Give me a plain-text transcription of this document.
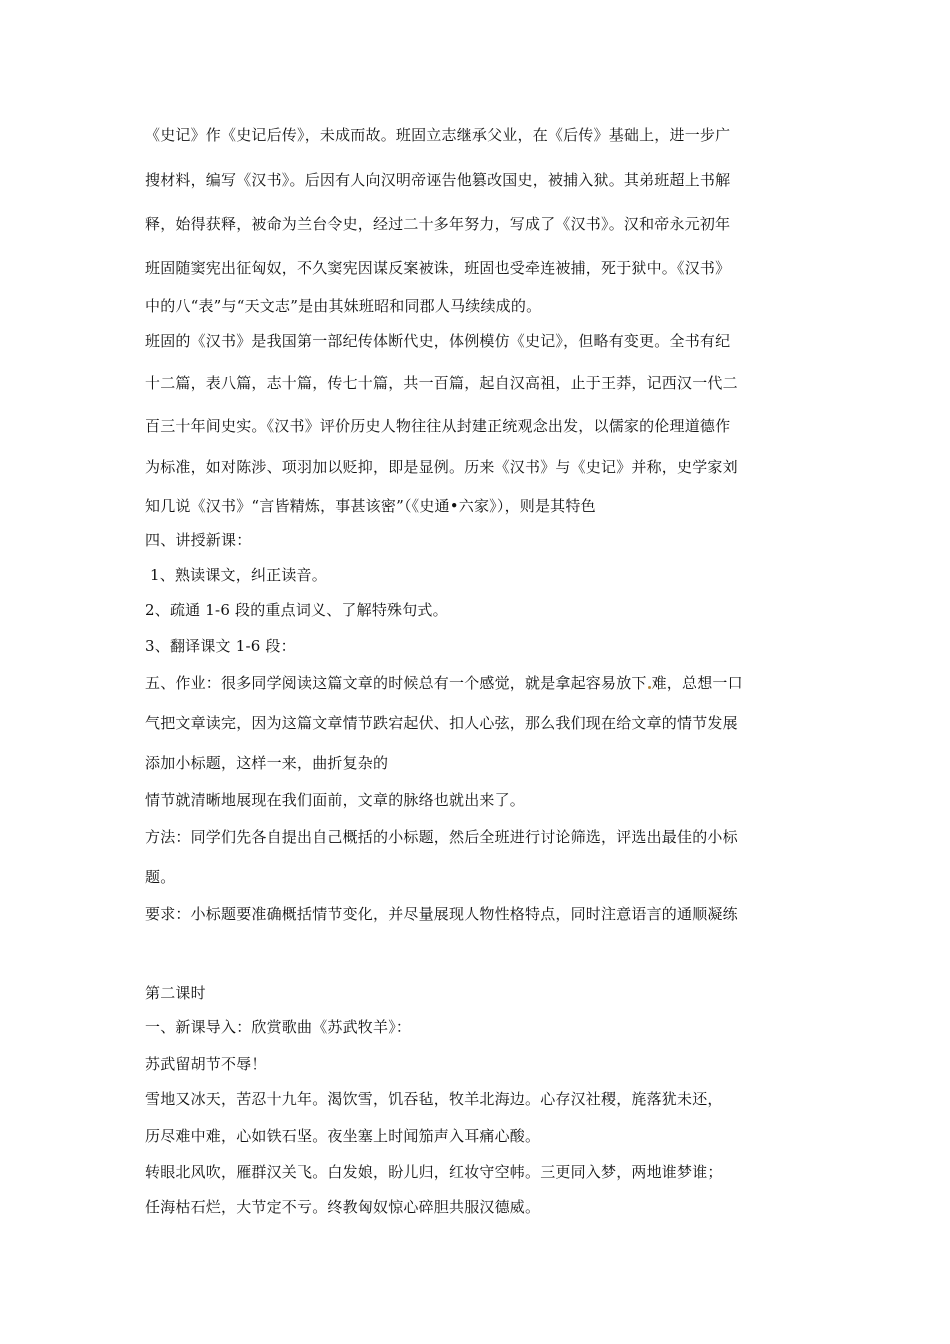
《史记》作《史记后传》，未成而故。班固立志继承父业，在《后传》基础上，进一步广
搜材料，编写《汉书》。后因有人向汉明帝诬告他篡改国史，被捕入狱。其弟班超上书解
释，始得获释，被命为兰台令史，经过二十多年努力，写成了《汉书》。汉和帝永元初年
班固随窦宪出征匈奴，不久窦宪因谋反案被诛，班固也受牵连被捕，死于狱中。《汉书》
中的八“表”与“天文志”是由其妹班昭和同郡人马续续成的。
班固的《汉书》是我国第一部纪传体断代史，体例模仿《史记》，但略有变更。全书有纪
十二篇，表八篇，志十篇，传七十篇，共一百篇，起自汉高祖，止于王莽，记西汉一代二
百三十年间史实。《汉书》评价历史人物往往从封建正统观念出发，以儒家的伦理道德作
为标准，如对陈涉、项羽加以贬抑，即是显例。历来《汉书》与《史记》并称，史学家刘
知几说《汉书》“言皆精炼，事甚该密”（《史通•六家》），则是其特色
四、讲授新课：
1、熟读课文，纠正读音。
2、疏通 1-6 段的重点词义、了解特殊句式。
3、翻译课文 1-6 段：
五、作业：很多同学阅读这篇文章的时候总有一个感觉，就是拿起容易放下 难，总想一口
气把文章读完，因为这篇文章情节跌宕起伏、扣人心弦，那么我们现在给文章的情节发展
添加小标题，这样一来，曲折复杂的
情节就清晰地展现在我们面前，文章的脉络也就出来了。
方法：同学们先各自提出自己概括的小标题，然后全班进行讨论筛选，评选出最佳的小标
题。
要求：小标题要准确概括情节变化，并尽量展现人物性格特点，同时注意语言的通顺凝练
第二课时
一、新课导入：欣赏歌曲《苏武牧羊》：
苏武留胡节不辱！
雪地又冰天，苦忍十九年。渴饮雪，饥吞毡，牧羊北海边。心存汉社稷，旄落犹未还，
历尽难中难，心如铁石坚。夜坐塞上时闻笳声入耳痛心酸。
转眼北风吹，雁群汉关飞。白发娘，盼儿归，红妆守空帏。三更同入梦，两地谁梦谁；
任海枯石烂，大节定不亏。终教匈奴惊心碎胆共服汉德威。
